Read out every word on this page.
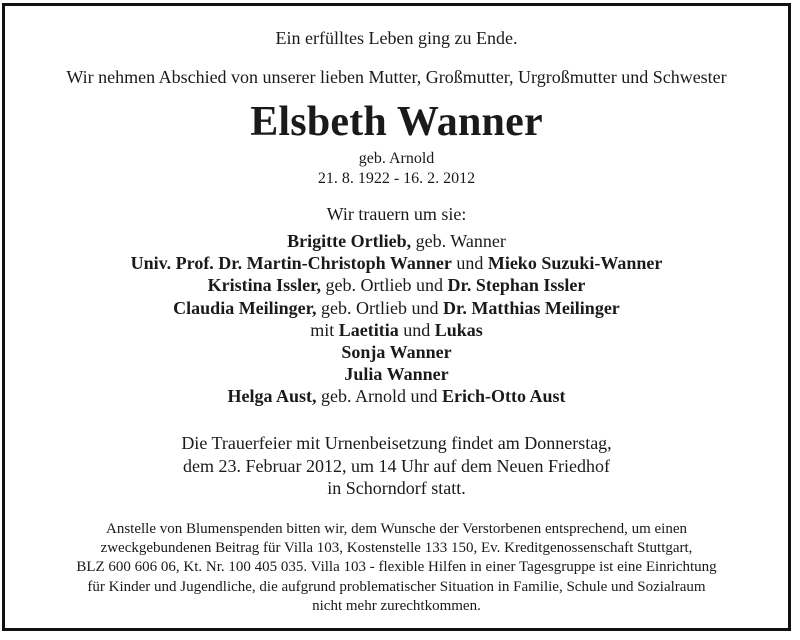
Ein erfülltes Leben ging zu Ende.
Wir nehmen Abschied von unserer lieben Mutter, Großmutter, Urgroßmutter und Schwester
Elsbeth Wanner
geb. Arnold
21. 8. 1922 - 16. 2. 2012
Wir trauern um sie:
Brigitte Ortlieb, geb. Wanner
Univ. Prof. Dr. Martin-Christoph Wanner und Mieko Suzuki-Wanner
Kristina Issler, geb. Ortlieb und Dr. Stephan Issler
Claudia Meilinger, geb. Ortlieb und Dr. Matthias Meilinger
mit Laetitia und Lukas
Sonja Wanner
Julia Wanner
Helga Aust, geb. Arnold und Erich-Otto Aust
Die Trauerfeier mit Urnenbeisetzung findet am Donnerstag,
dem 23. Februar 2012, um 14 Uhr auf dem Neuen Friedhof
in Schorndorf statt.
Anstelle von Blumenspenden bitten wir, dem Wunsche der Verstorbenen entsprechend, um einen
zweckgebundenen Beitrag für Villa 103, Kostenstelle 133 150, Ev. Kreditgenossenschaft Stuttgart,
BLZ 600 606 06, Kt. Nr. 100 405 035. Villa 103 - flexible Hilfen in einer Tagesgruppe ist eine Einrichtung
für Kinder und Jugendliche, die aufgrund problematischer Situation in Familie, Schule und Sozialraum
nicht mehr zurechtkommen.
